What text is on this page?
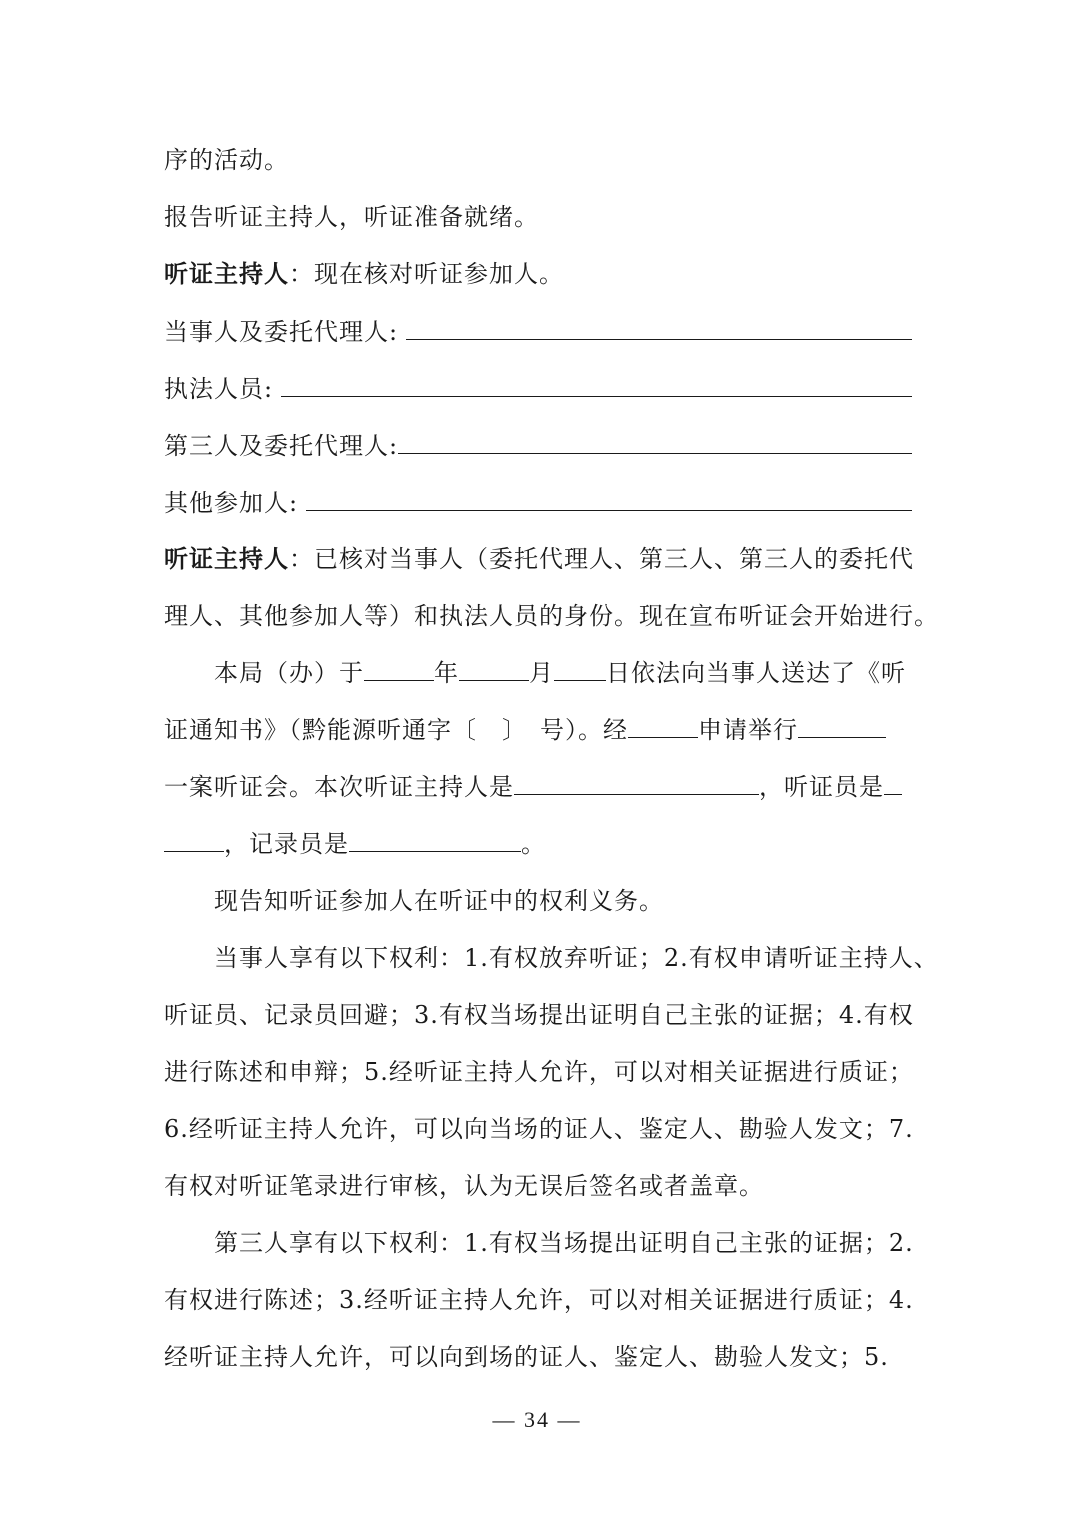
序的活动。
报告听证主持人，听证准备就绪。
听证主持人：现在核对听证参加人。
当事人及委托代理人:
执法人员:
第三人及委托代理人:
其他参加人:
听证主持人：已核对当事人（委托代理人、第三人、第三人的委托代
理人、其他参加人等）和执法人员的身份。现在宣布听证会开始进行。
本局（办）于	年	月 日依法向当事人送达了《听
证通知书》（黔能源听通字〔　〕　号）。经	申请举行
一案听证会。本次听证主持人是	，听证员是
，记录员是	。
现告知听证参加人在听证中的权利义务。
当事人享有以下权利：1.有权放弃听证；2.有权申请听证主持人、
听证员、记录员回避；3.有权当场提出证明自己主张的证据；4.有权
进行陈述和申辩；5.经听证主持人允许，可以对相关证据进行质证；
6.经听证主持人允许，可以向当场的证人、鉴定人、勘验人发文；7.
有权对听证笔录进行审核，认为无误后签名或者盖章。
第三人享有以下权利：1.有权当场提出证明自己主张的证据；2.
有权进行陈述；3.经听证主持人允许，可以对相关证据进行质证；4.
经听证主持人允许，可以向到场的证人、鉴定人、勘验人发文；5.
— 34 —
